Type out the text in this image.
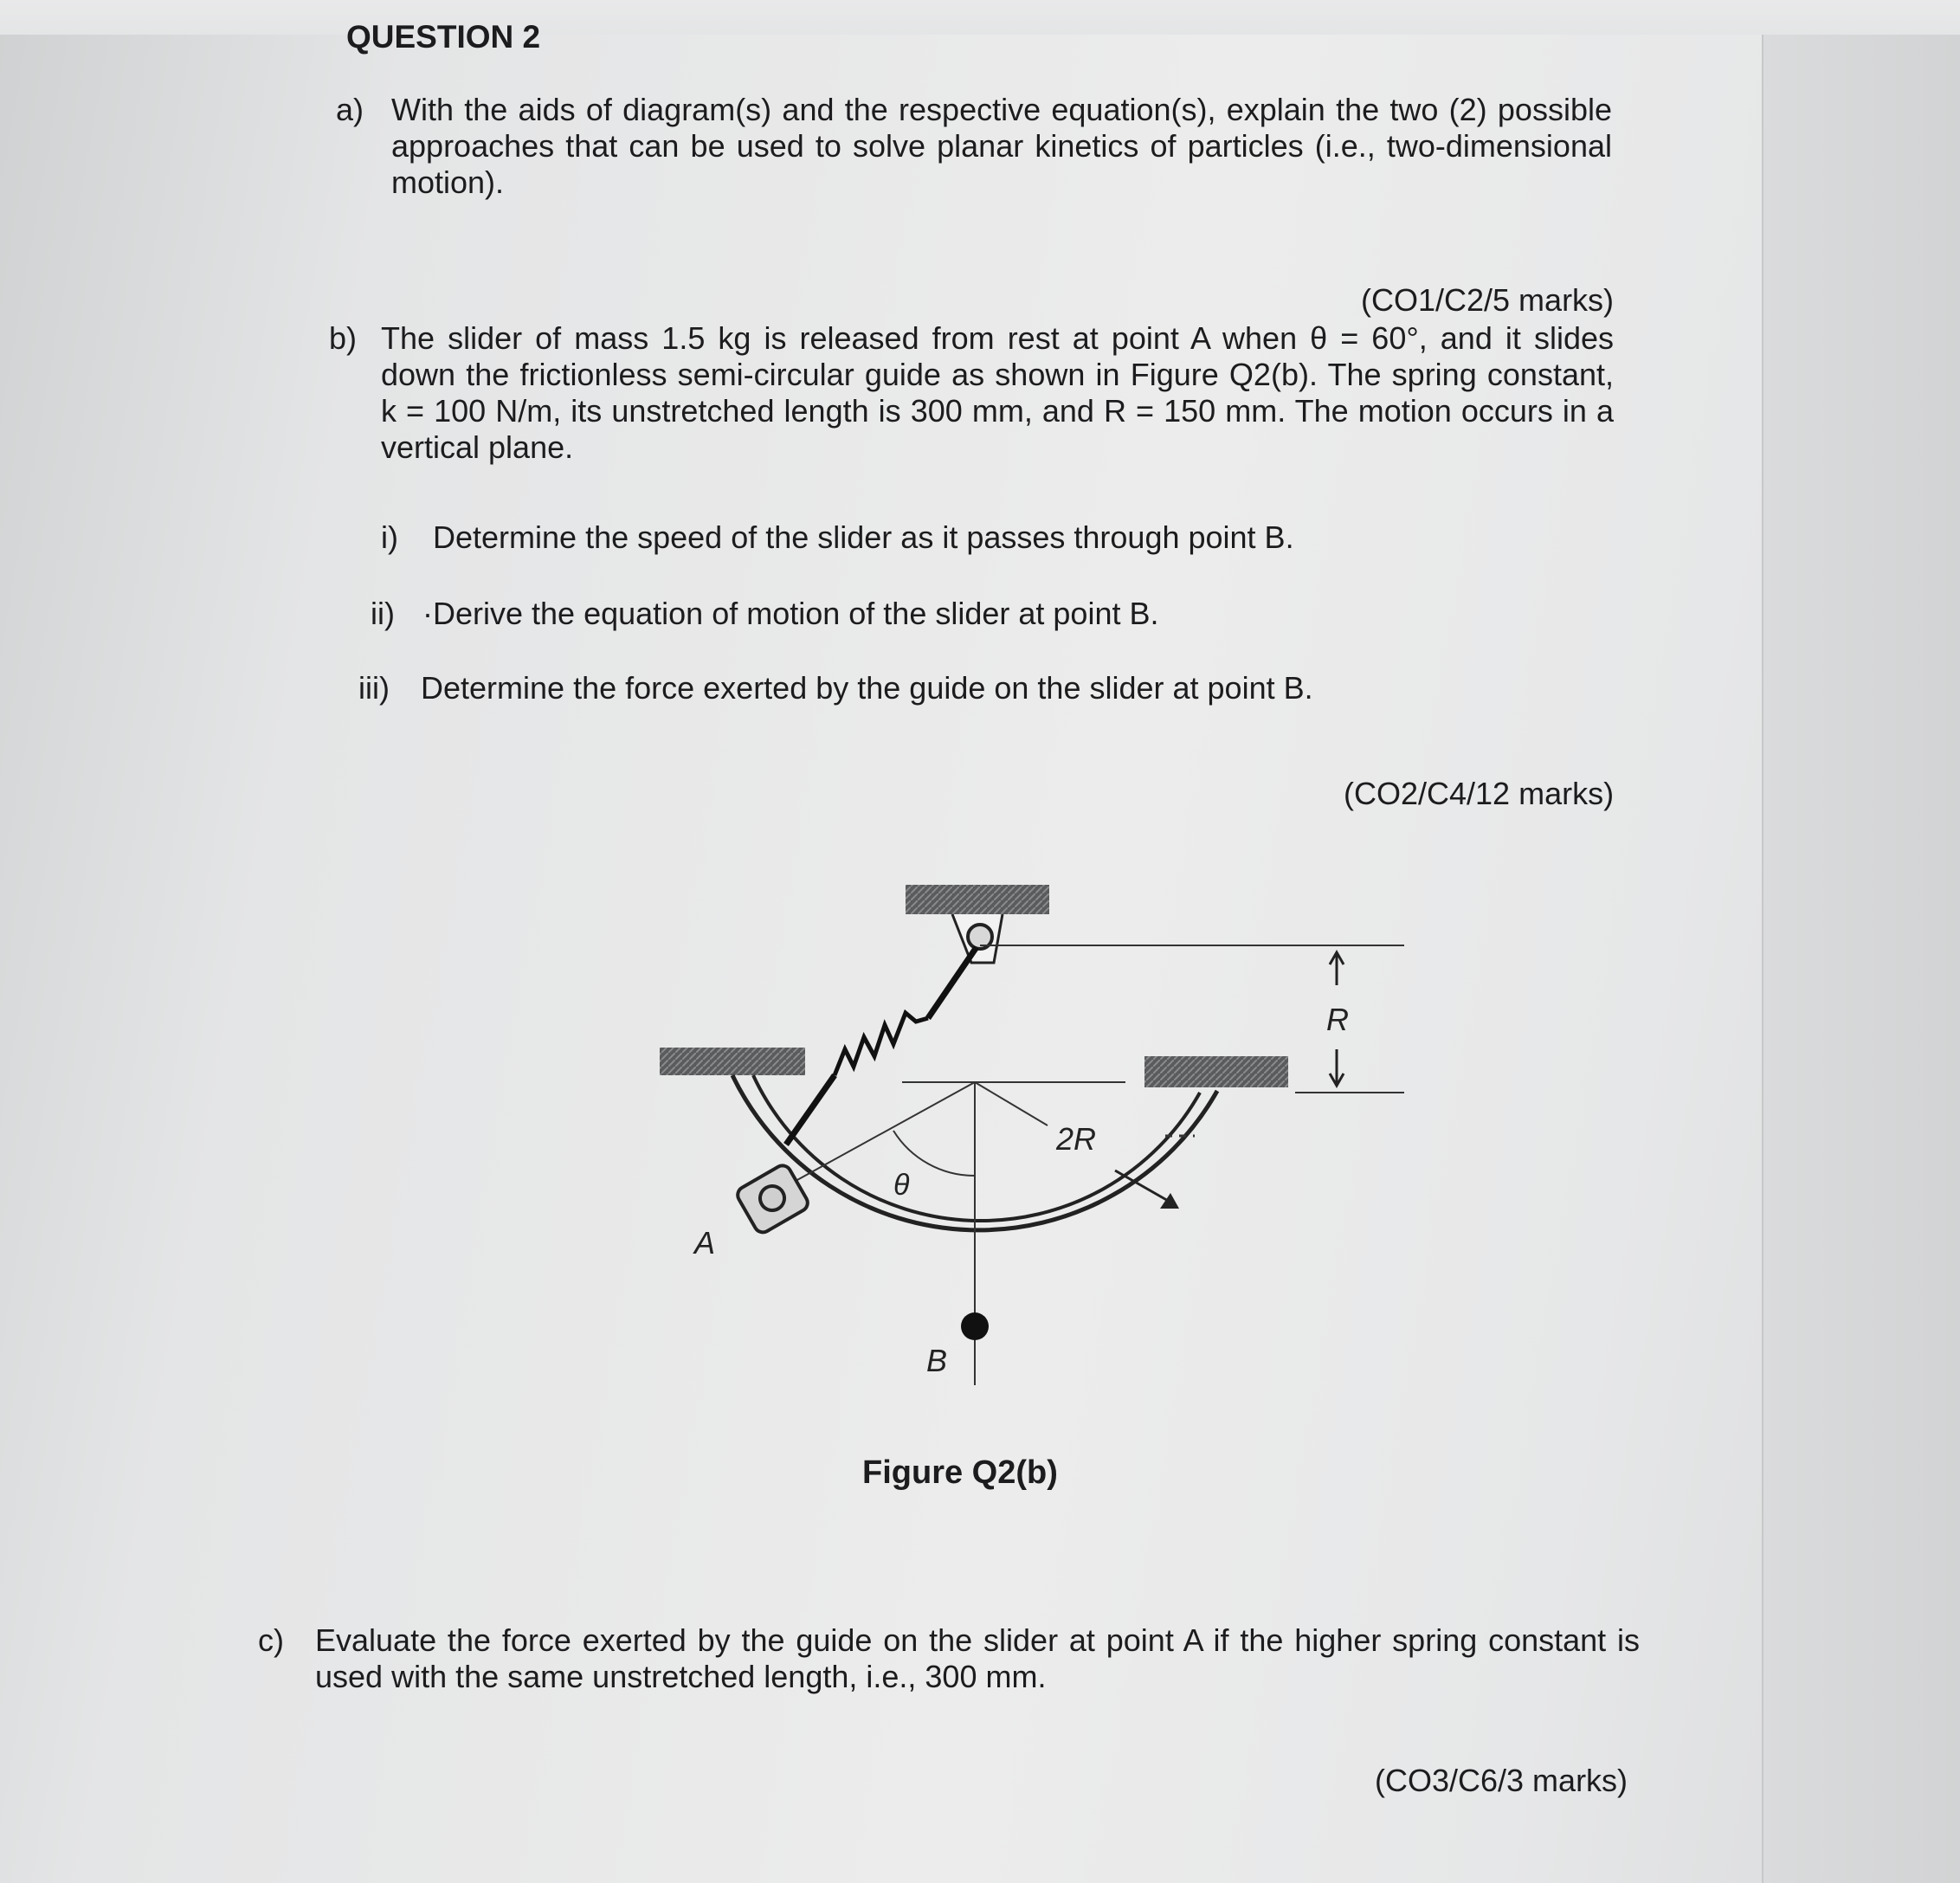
QUESTION 2
a) With the aids of diagram(s) and the respective equation(s), explain the two (2) possible approaches that can be used to solve planar kinetics of particles (i.e., two-dimensional motion).
(CO1/C2/5 marks)
b) The slider of mass 1.5 kg is released from rest at point A when θ = 60°, and it slides down the frictionless semi-circular guide as shown in Figure Q2(b). The spring constant, k = 100 N/m, its unstretched length is 300 mm, and R = 150 mm. The motion occurs in a vertical plane.
i) Determine the speed of the slider as it passes through point B.
ii) ·Derive the equation of motion of the slider at point B.
iii) Determine the force exerted by the guide on the slider at point B.
(CO2/C4/12 marks)
R
2R
θ
A
B
Figure Q2(b)
c) Evaluate the force exerted by the guide on the slider at point A if the higher spring constant is used with the same unstretched length, i.e., 300 mm.
(CO3/C6/3 marks)
